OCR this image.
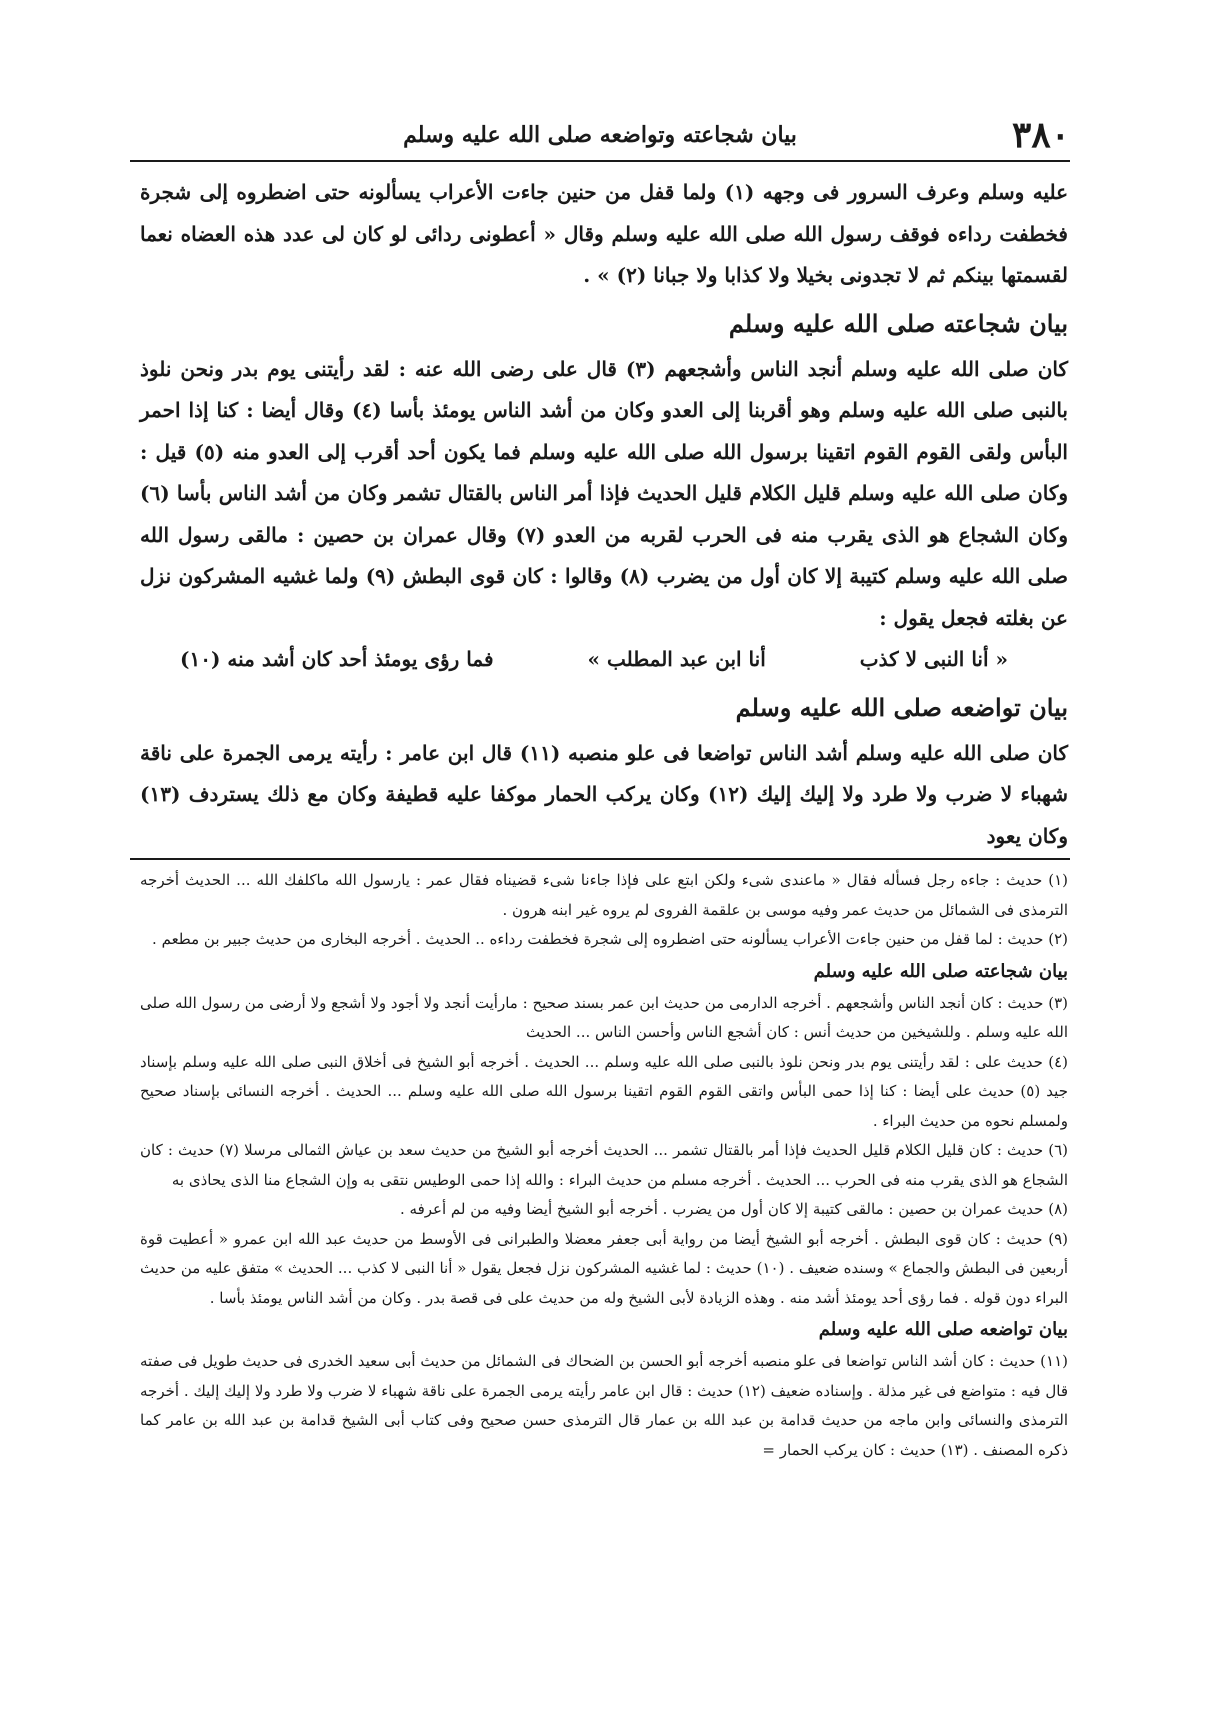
٣٨٠
بيان شجاعته وتواضعه صلى الله عليه وسلم

عليه وسلم وعرف السرور فى وجهه (١) ولما قفل من حنين جاءت الأعراب يسألونه حتى اضطروه إلى شجرة فخطفت رداءه فوقف رسول الله صلى الله عليه وسلم وقال « أعطونى ردائى لو كان لى عدد هذه العضاه نعما لقسمتها بينكم ثم لا تجدونى بخيلا ولا كذابا ولا جبانا (٢) » .

بيان شجاعته صلى الله عليه وسلم

كان صلى الله عليه وسلم أنجد الناس وأشجعهم (٣) قال على رضى الله عنه : لقد رأيتنى يوم بدر ونحن نلوذ بالنبى صلى الله عليه وسلم وهو أقربنا إلى العدو وكان من أشد الناس يومئذ بأسا (٤) وقال أيضا : كنا إذا احمر البأس ولقى القوم القوم اتقينا برسول الله صلى الله عليه وسلم فما يكون أحد أقرب إلى العدو منه (٥) قيل : وكان صلى الله عليه وسلم قليل الكلام قليل الحديث فإذا أمر الناس بالقتال تشمر وكان من أشد الناس بأسا (٦) وكان الشجاع هو الذى يقرب منه فى الحرب لقربه من العدو (٧) وقال عمران بن حصين : مالقى رسول الله صلى الله عليه وسلم كتيبة إلا كان أول من يضرب (٨) وقالوا : كان قوى البطش (٩) ولما غشيه المشركون نزل عن بغلته فجعل يقول :

« أنا النبى لا كذب
أنا ابن عبد المطلب »
فما رؤى يومئذ أحد كان أشد منه (١٠)

بيان تواضعه صلى الله عليه وسلم

كان صلى الله عليه وسلم أشد الناس تواضعا فى علو منصبه (١١) قال ابن عامر : رأيته يرمى الجمرة على ناقة شهباء لا ضرب ولا طرد ولا إليك إليك (١٢) وكان يركب الحمار موكفا عليه قطيفة وكان مع ذلك يستردف (١٣) وكان يعود

(١) حديث : جاءه رجل فسأله فقال « ماعندى شىء ولكن ابتع على فإذا جاءنا شىء قضيناه فقال عمر : يارسول الله ماكلفك الله ... الحديث أخرجه الترمذى فى الشمائل من حديث عمر وفيه موسى بن علقمة الفروى لم يروه غير ابنه هرون .

(٢) حديث : لما قفل من حنين جاءت الأعراب يسألونه حتى اضطروه إلى شجرة فخطفت رداءه .. الحديث . أخرجه البخارى من حديث جبير بن مطعم .

بيان شجاعته صلى الله عليه وسلم

(٣) حديث : كان أنجد الناس وأشجعهم . أخرجه الدارمى من حديث ابن عمر بسند صحيح : مارأيت أنجد ولا أجود ولا أشجع ولا أرضى من رسول الله صلى الله عليه وسلم . وللشيخين من حديث أنس : كان أشجع الناس وأحسن الناس ... الحديث

(٤) حديث على : لقد رأيتنى يوم بدر ونحن نلوذ بالنبى صلى الله عليه وسلم ... الحديث . أخرجه أبو الشيخ فى أخلاق النبى صلى الله عليه وسلم بإسناد جيد (٥) حديث على أيضا : كنا إذا حمى البأس واتقى القوم القوم اتقينا برسول الله صلى الله عليه وسلم ... الحديث . أخرجه النسائى بإسناد صحيح ولمسلم نحوه من حديث البراء .

(٦) حديث : كان قليل الكلام قليل الحديث فإذا أمر بالقتال تشمر ... الحديث أخرجه أبو الشيخ من حديث سعد بن عياش الثمالى مرسلا (٧) حديث : كان الشجاع هو الذى يقرب منه فى الحرب ... الحديث . أخرجه مسلم من حديث البراء : والله إذا حمى الوطيس نتقى به وإن الشجاع منا الذى يحاذى به

(٨) حديث عمران بن حصين : مالقى كتيبة إلا كان أول من يضرب . أخرجه أبو الشيخ أيضا وفيه من لم أعرفه .

(٩) حديث : كان قوى البطش . أخرجه أبو الشيخ أيضا من رواية أبى جعفر معضلا والطبرانى فى الأوسط من حديث عبد الله ابن عمرو « أعطيت قوة أربعين فى البطش والجماع » وسنده ضعيف . (١٠) حديث : لما غشيه المشركون نزل فجعل يقول « أنا النبى لا كذب ... الحديث » متفق عليه من حديث البراء دون قوله . فما رؤى أحد يومئذ أشد منه . وهذه الزيادة لأبى الشيخ وله من حديث على فى قصة بدر . وكان من أشد الناس يومئذ بأسا .

بيان تواضعه صلى الله عليه وسلم

(١١) حديث : كان أشد الناس تواضعا فى علو منصبه أخرجه أبو الحسن بن الضحاك فى الشمائل من حديث أبى سعيد الخدرى فى حديث طويل فى صفته قال فيه : متواضع فى غير مذلة . وإسناده ضعيف (١٢) حديث : قال ابن عامر رأيته يرمى الجمرة على ناقة شهباء لا ضرب ولا طرد ولا إليك إليك . أخرجه الترمذى والنسائى وابن ماجه من حديث قدامة بن عبد الله بن عمار قال الترمذى حسن صحيح وفى كتاب أبى الشيخ قدامة بن عبد الله بن عامر كما ذكره المصنف . (١٣) حديث : كان يركب الحمار =
